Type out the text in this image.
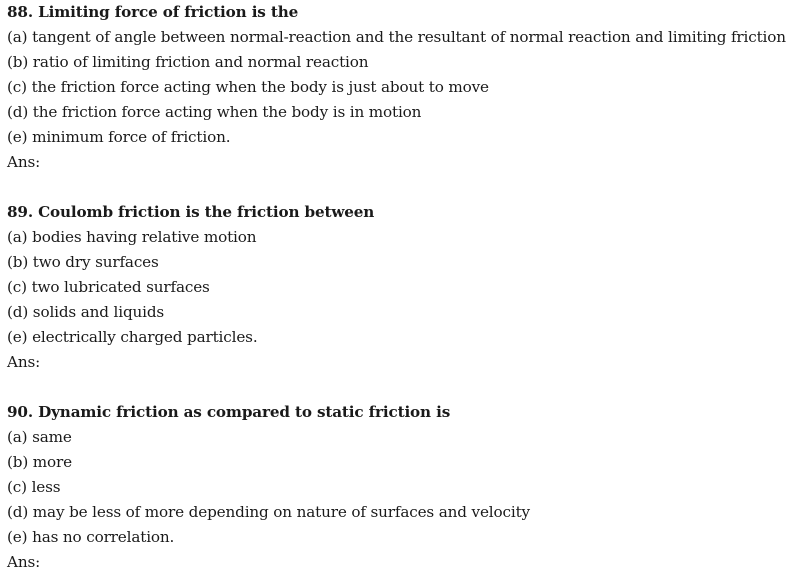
88. Limiting force of friction is the
(a) tangent of angle between normal-reaction and the resultant of normal reaction and limiting friction
(b) ratio of limiting friction and normal reaction
(c) the friction force acting when the body is just about to move
(d) the friction force acting when the body is in motion
(e) minimum force of friction.
Ans:
89. Coulomb friction is the friction between
(a) bodies having relative motion
(b) two dry surfaces
(c) two lubricated surfaces
(d) solids and liquids
(e) electrically charged particles.
Ans:
90. Dynamic friction as compared to static friction is
(a) same
(b) more
(c) less
(d) may be less of more depending on nature of surfaces and velocity
(e) has no correlation.
Ans:
